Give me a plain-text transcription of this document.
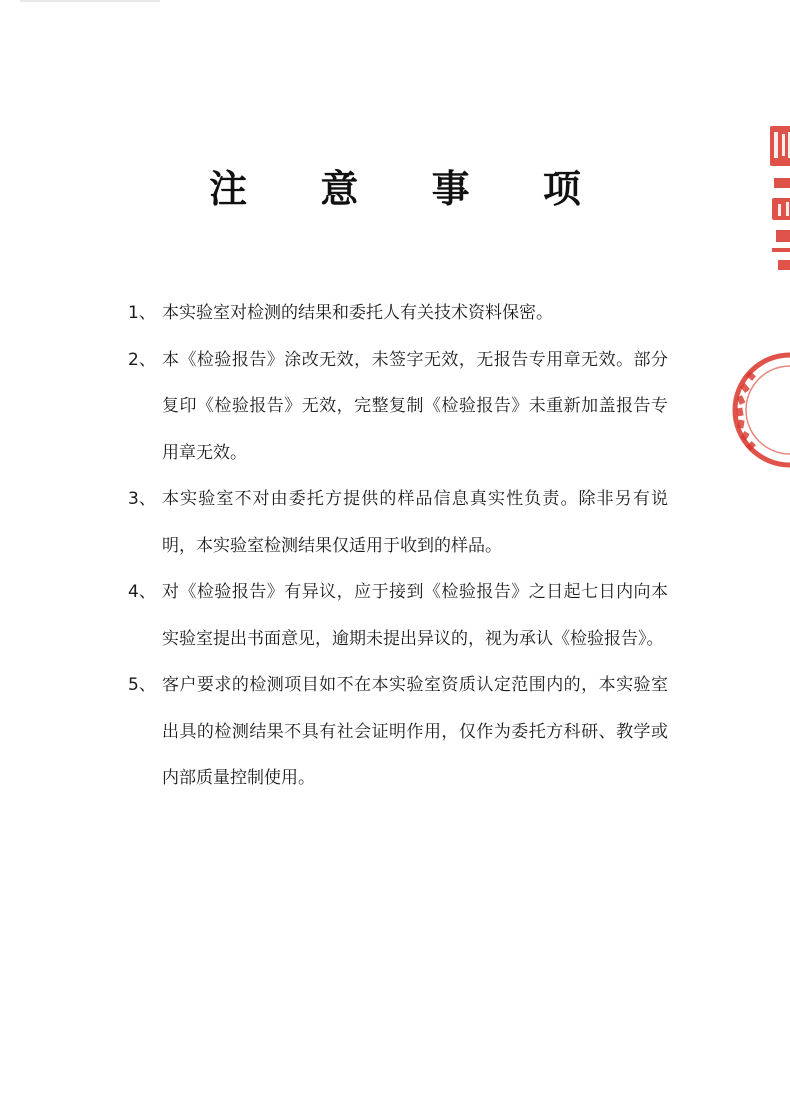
注 意 事 项
1、 本实验室对检测的结果和委托人有关技术资料保密。
2、 本《检验报告》涂改无效，未签字无效，无报告专用章无效。部分复印《检验报告》无效，完整复制《检验报告》未重新加盖报告专用章无效。
3、 本实验室不对由委托方提供的样品信息真实性负责。除非另有说明，本实验室检测结果仅适用于收到的样品。
4、 对《检验报告》有异议，应于接到《检验报告》之日起七日内向本实验室提出书面意见，逾期未提出异议的，视为承认《检验报告》。
5、 客户要求的检测项目如不在本实验室资质认定范围内的，本实验室出具的检测结果不具有社会证明作用，仅作为委托方科研、教学或内部质量控制使用。
